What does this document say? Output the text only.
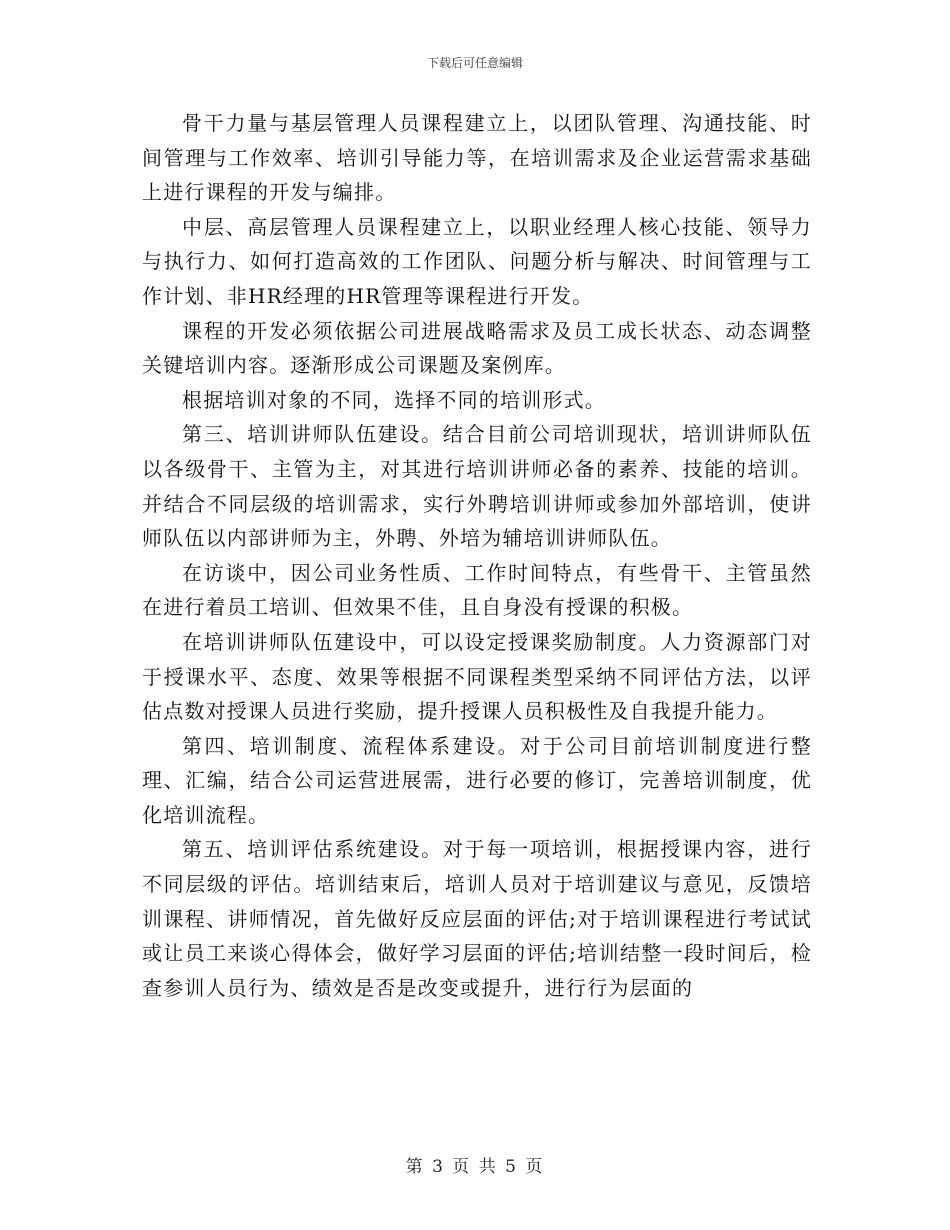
下载后可任意编辑

骨干力量与基层管理人员课程建立上，以团队管理、沟通技能、时间管理与工作效率、培训引导能力等，在培训需求及企业运营需求基础上进行课程的开发与编排。

中层、高层管理人员课程建立上，以职业经理人核心技能、领导力与执行力、如何打造高效的工作团队、问题分析与解决、时间管理与工作计划、非HR经理的HR管理等课程进行开发。

课程的开发必须依据公司进展战略需求及员工成长状态、动态调整关键培训内容。逐渐形成公司课题及案例库。

根据培训对象的不同，选择不同的培训形式。

第三、培训讲师队伍建设。结合目前公司培训现状，培训讲师队伍以各级骨干、主管为主，对其进行培训讲师必备的素养、技能的培训。并结合不同层级的培训需求，实行外聘培训讲师或参加外部培训，使讲师队伍以内部讲师为主，外聘、外培为辅培训讲师队伍。

在访谈中，因公司业务性质、工作时间特点，有些骨干、主管虽然在进行着员工培训、但效果不佳，且自身没有授课的积极。

在培训讲师队伍建设中，可以设定授课奖励制度。人力资源部门对于授课水平、态度、效果等根据不同课程类型采纳不同评估方法，以评估点数对授课人员进行奖励，提升授课人员积极性及自我提升能力。

第四、培训制度、流程体系建设。对于公司目前培训制度进行整理、汇编，结合公司运营进展需，进行必要的修订，完善培训制度，优化培训流程。

第五、培训评估系统建设。对于每一项培训，根据授课内容，进行不同层级的评估。培训结束后，培训人员对于培训建议与意见，反馈培训课程、讲师情况，首先做好反应层面的评估;对于培训课程进行考试试或让员工来谈心得体会，做好学习层面的评估;培训结整一段时间后，检查参训人员行为、绩效是否是改变或提升，进行行为层面的

第 3 页 共 5 页
